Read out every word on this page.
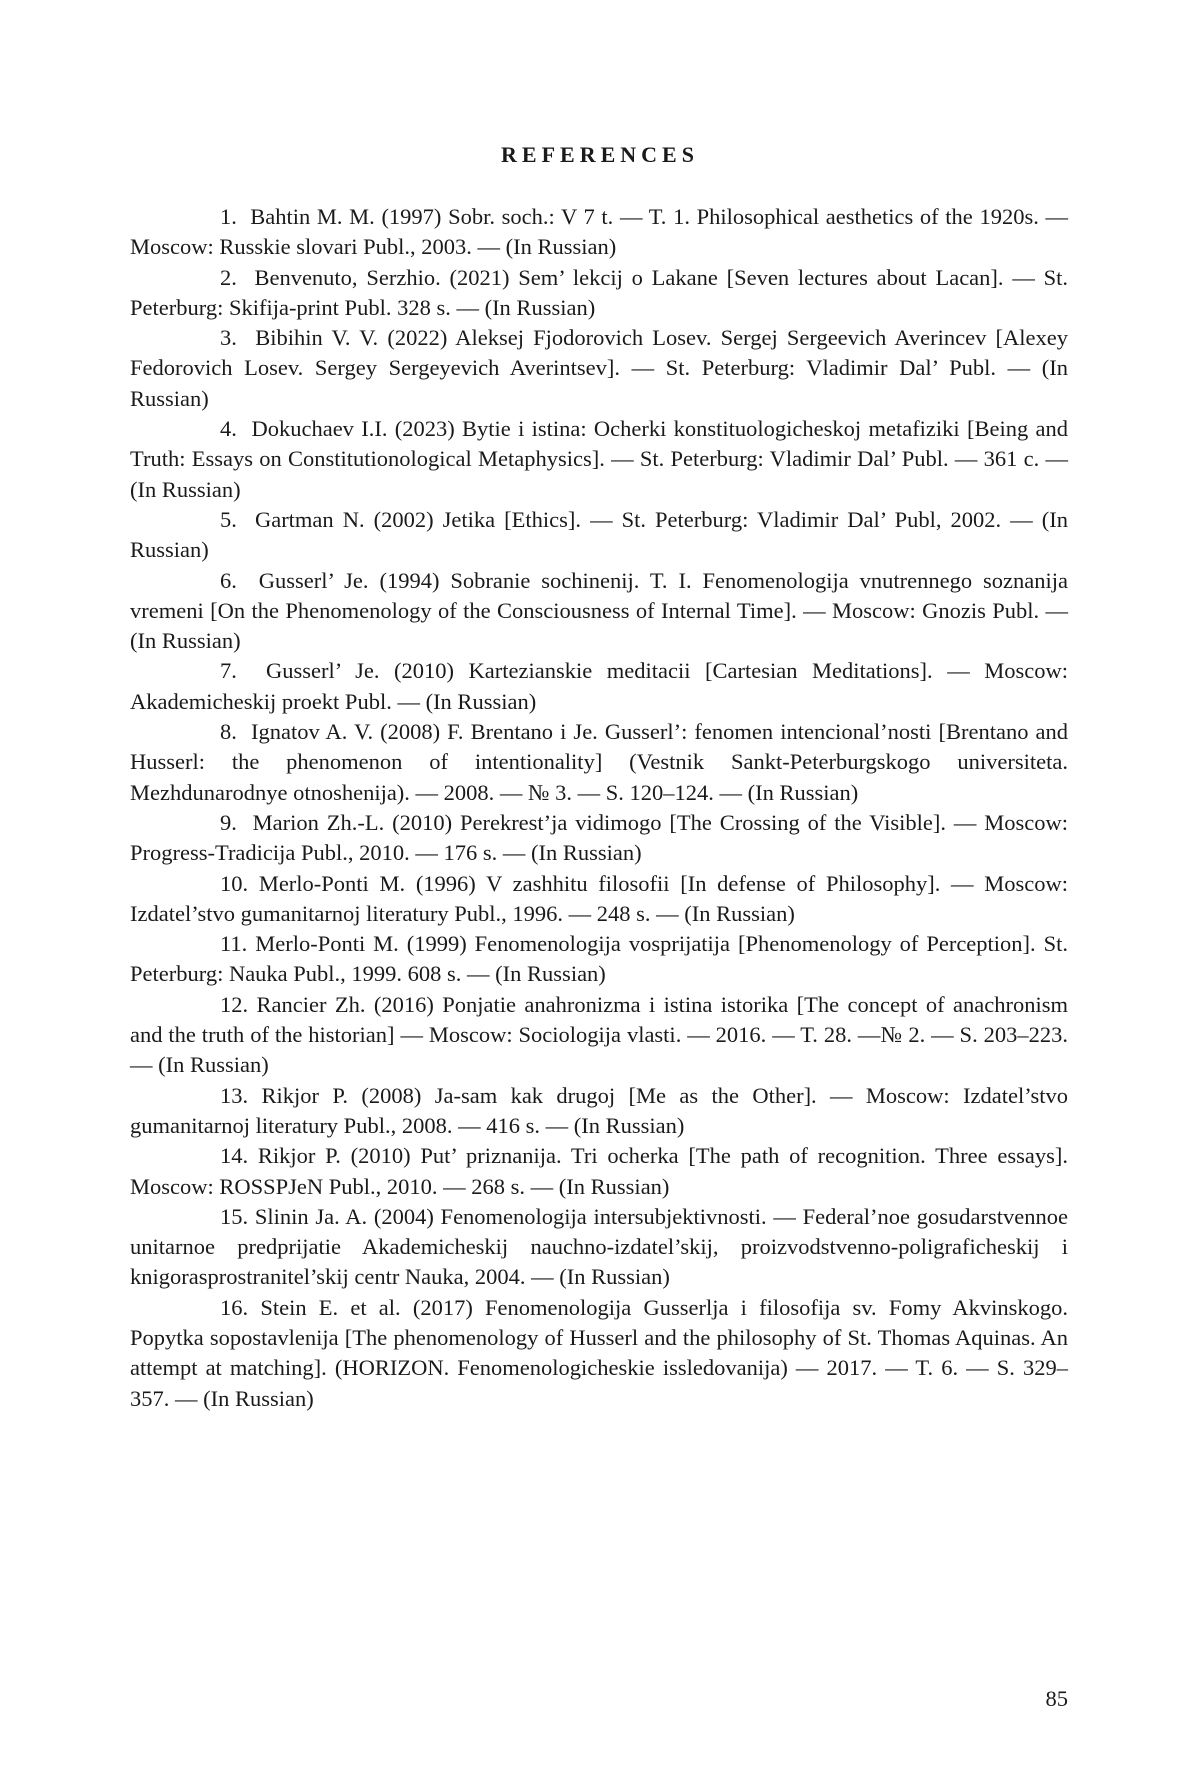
REFERENCES
1.  Bahtin M. M. (1997) Sobr. soch.: V 7 t. — T. 1. Philosophical aesthetics of the 1920s. — Moscow: Russkie slovari Publ., 2003. — (In Russian)
2.  Benvenuto, Serzhio. (2021) Sem’ lekcij o Lakane [Seven lectures about Lacan]. — St. Peterburg: Skifija-print Publ. 328 s. — (In Russian)
3.  Bibihin V. V. (2022) Aleksej Fjodorovich Losev. Sergej Sergeevich Averincev [Alexey Fedorovich Losev. Sergey Sergeyevich Averintsev]. — St. Peterburg: Vladimir Dal’ Publ. — (In Russian)
4.  Dokuchaev I.I. (2023) Bytie i istina: Ocherki konstituologicheskoj metafiziki [Being and Truth: Essays on Constitutionological Metaphysics]. — St. Peterburg: Vladimir Dal’ Publ. — 361 c. — (In Russian)
5.  Gartman N. (2002) Jetika [Ethics]. — St. Peterburg: Vladimir Dal’ Publ, 2002. — (In Russian)
6.  Gusserl’ Je. (1994) Sobranie sochinenij. T. I. Fenomenologija vnutrennego soznanija vremeni [On the Phenomenology of the Consciousness of Internal Time]. — Moscow: Gnozis Publ. — (In Russian)
7.  Gusserl’ Je. (2010) Karteziansk͏ie meditacii [Cartesian Meditations]. — Moscow: Akademicheskij proekt Publ. — (In Russian)
8.  Ignatov A. V. (2008) F. Brentano i Je. Gusserl’: fenomen intencional’nosti [Brentano and Husserl: the phenomenon of intentionality] (Vestnik Sankt-Peterburgskogo universiteta. Mezhdunarodnye otnoshenija). — 2008. — № 3. — S. 120–124. — (In Russian)
9.  Marion Zh.-L. (2010) Perekrest’ja vidimogo [The Crossing of the Visible]. — Moscow: Progress-Tradicija Publ., 2010. — 176 s. — (In Russian)
10. Merlo-Ponti M. (1996) V zashhitu filosofii [In defense of Philosophy]. — Moscow: Izdatel’stvo gumanitarnoj literatury Publ., 1996. — 248 s. — (In Russian)
11. Merlo-Ponti M. (1999) Fenomenologija vosprijatija [Phenomenology of Perception]. St. Peterburg: Nauka Publ., 1999. 608 s. — (In Russian)
12. Rancier Zh. (2016) Ponjatie anahronizma i istina istorika [The concept of anachronism and the truth of the historian] — Moscow: Sociologija vlasti. — 2016. — T. 28. —№ 2. — S. 203–223. — (In Russian)
13. Rikjor P. (2008) Ja-sam kak drugoj [Me as the Other]. — Moscow: Izdatel’stvo gumanitarnoj literatury Publ., 2008. — 416 s. — (In Russian)
14. Rikjor P. (2010) Put’ priznanija. Tri ocherka [The path of recognition. Three essays]. Moscow: ROSSPJeN Publ., 2010. — 268 s. — (In Russian)
15. Slinin Ja. A. (2004) Fenomenologija intersubjektivnosti. — Federal’noe gosudarstvennoe unitarnoe predprijatie Akademicheskij nauchno-izdatel’skij, proizvodstvenno-poligraficheskij i knigorasprostranitel’skij centr Nauka, 2004. — (In Russian)
16. Stein E. et al. (2017) Fenomenologija Gusserlja i filosofija sv. Fomy Akvinskogo. Popytka sopostavlenija [The phenomenology of Husserl and the philosophy of St. Thomas Aquinas. An attempt at matching]. (HORIZON. Fenomenologicheskie issledovanija) — 2017. — T. 6. — S. 329–357. — (In Russian)
85
